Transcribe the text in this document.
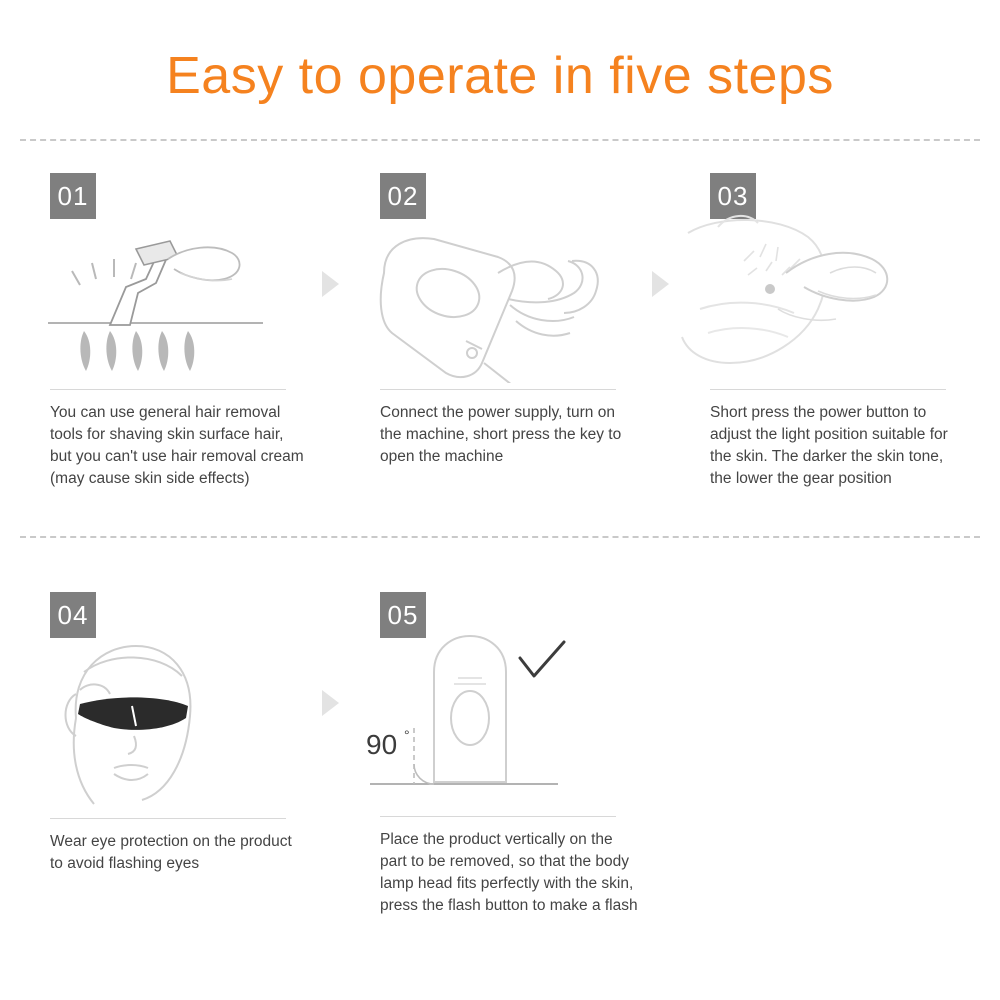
Easy to operate in five steps
01
You can use general hair removal tools for shaving skin surface hair, but you can't use hair removal cream (may cause skin side effects)
02
Connect the power supply, turn on the machine, short press the key to open the machine
03
Short press the power button to adjust the light position suitable for the skin. The darker the skin tone, the lower the gear position
04
Wear eye protection on the product to avoid flashing eyes
05
90 °
Place the product vertically on the part to be removed, so that the body lamp head fits perfectly with the skin, press the flash button to make a flash
